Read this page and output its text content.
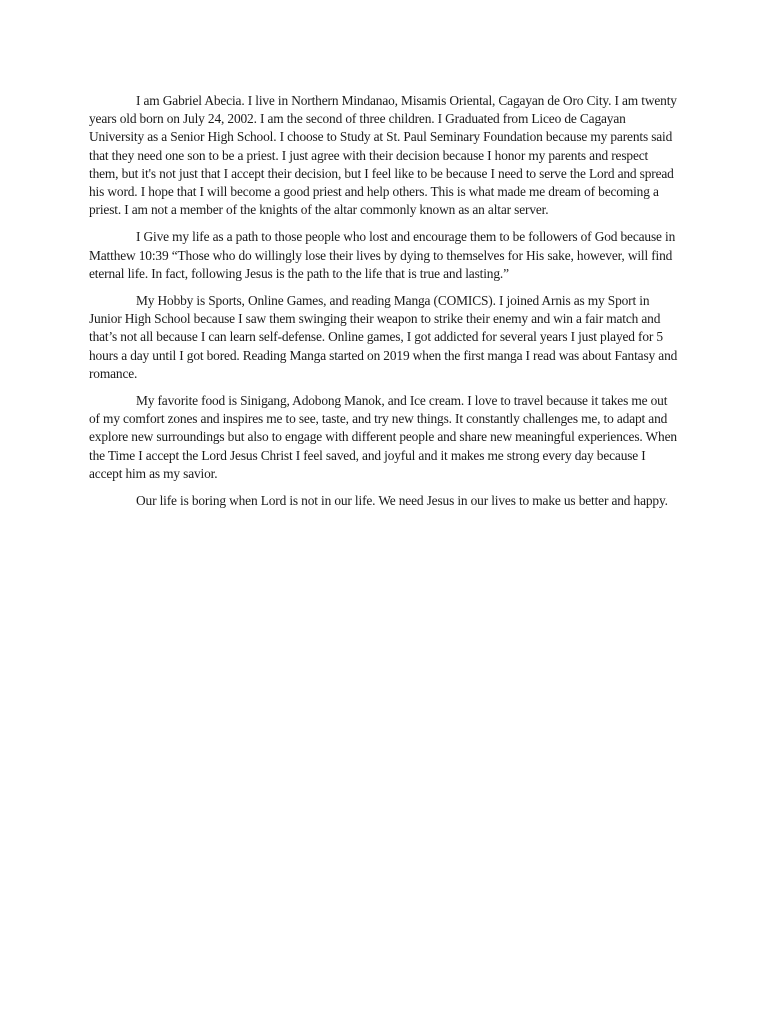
I am Gabriel Abecia. I live in Northern Mindanao, Misamis Oriental, Cagayan de Oro City. I am twenty years old born on July 24, 2002. I am the second of three children. I Graduated from Liceo de Cagayan University as a Senior High School. I choose to Study at St. Paul Seminary Foundation because my parents said that they need one son to be a priest. I just agree with their decision because I honor my parents and respect them, but it's not just that I accept their decision, but I feel like to be because I need to serve the Lord and spread his word. I hope that I will become a good priest and help others. This is what made me dream of becoming a priest. I am not a member of the knights of the altar commonly known as an altar server.

I Give my life as a path to those people who lost and encourage them to be followers of God because in Matthew 10:39 “Those who do willingly lose their lives by dying to themselves for His sake, however, will find eternal life. In fact, following Jesus is the path to the life that is true and lasting.”

My Hobby is Sports, Online Games, and reading Manga (COMICS). I joined Arnis as my Sport in Junior High School because I saw them swinging their weapon to strike their enemy and win a fair match and that’s not all because I can learn self-defense. Online games, I got addicted for several years I just played for 5 hours a day until I got bored. Reading Manga started on 2019 when the first manga I read was about Fantasy and romance.

My favorite food is Sinigang, Adobong Manok, and Ice cream. I love to travel because it takes me out of my comfort zones and inspires me to see, taste, and try new things. It constantly challenges me, to adapt and explore new surroundings but also to engage with different people and share new meaningful experiences. When the Time I accept the Lord Jesus Christ I feel saved, and joyful and it makes me strong every day because I accept him as my savior.

Our life is boring when Lord is not in our life. We need Jesus in our lives to make us better and happy.
